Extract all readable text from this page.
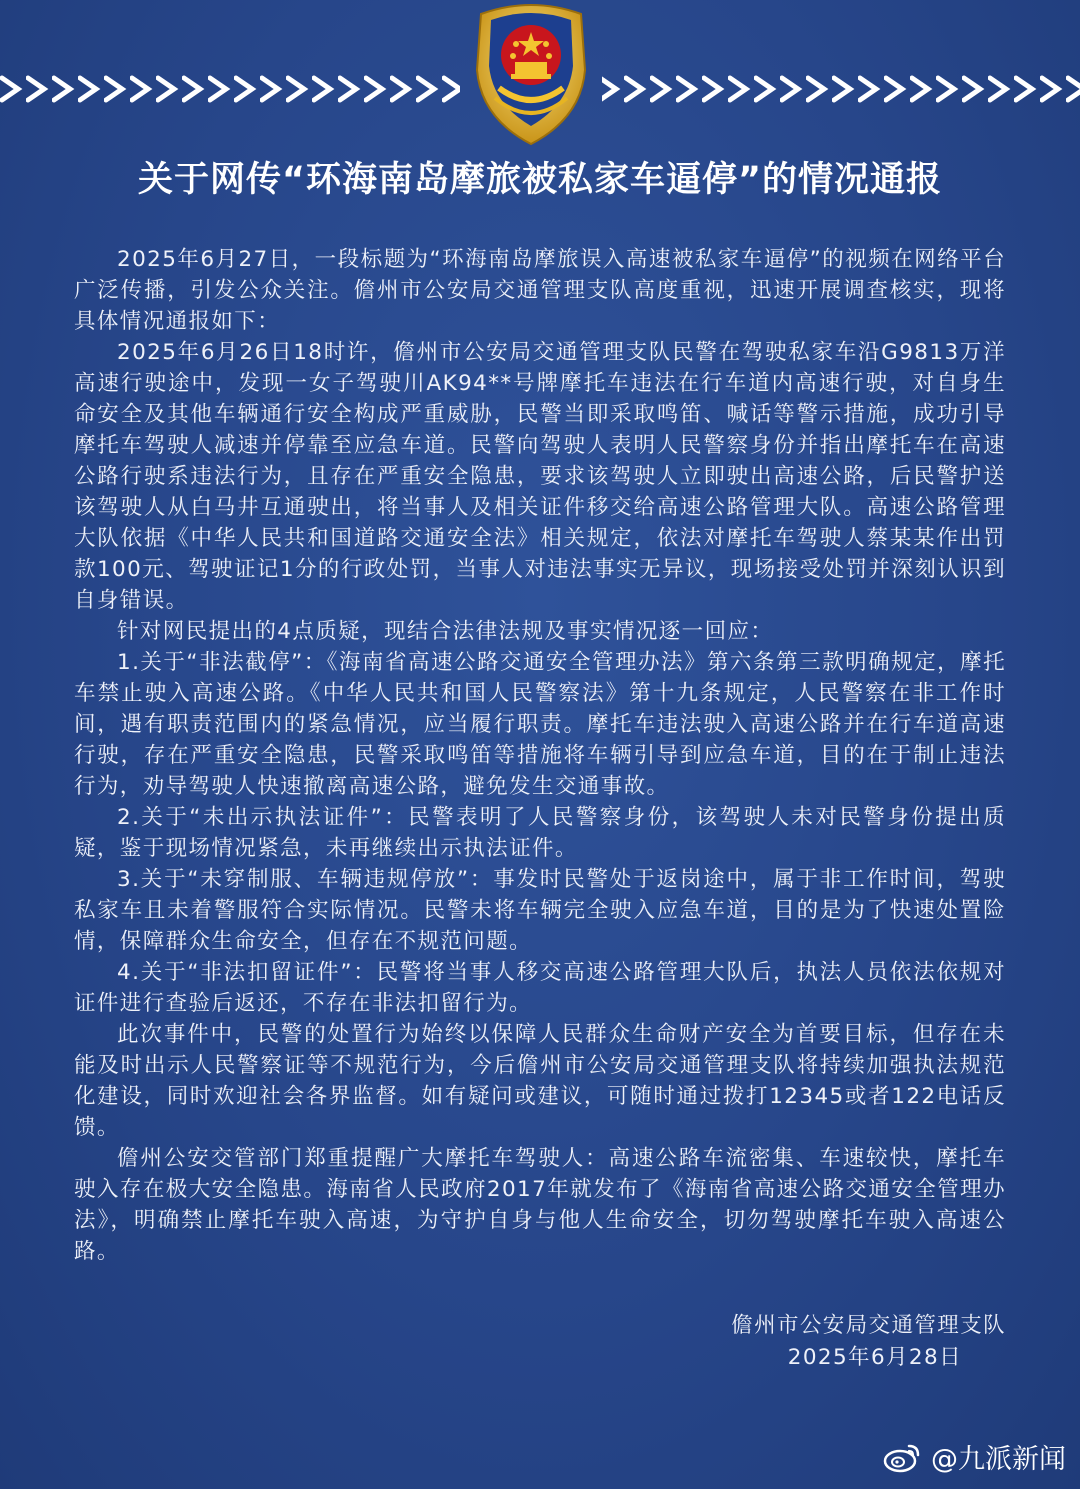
关于网传“环海南岛摩旅被私家车逼停”的情况通报

2025年6月27日，一段标题为“环海南岛摩旅误入高速被私家车逼停”的视频在网络平台广泛传播，引发公众关注。儋州市公安局交通管理支队高度重视，迅速开展调查核实，现将具体情况通报如下：

2025年6月26日18时许，儋州市公安局交通管理支队民警在驾驶私家车沿G9813万洋高速行驶途中，发现一女子驾驶川AK94**号牌摩托车违法在行车道内高速行驶，对自身生命安全及其他车辆通行安全构成严重威胁，民警当即采取鸣笛、喊话等警示措施，成功引导摩托车驾驶人减速并停靠至应急车道。民警向驾驶人表明人民警察身份并指出摩托车在高速公路行驶系违法行为，且存在严重安全隐患，要求该驾驶人立即驶出高速公路，后民警护送该驾驶人从白马井互通驶出，将当事人及相关证件移交给高速公路管理大队。高速公路管理大队依据《中华人民共和国道路交通安全法》相关规定，依法对摩托车驾驶人蔡某某作出罚款100元、驾驶证记1分的行政处罚，当事人对违法事实无异议，现场接受处罚并深刻认识到自身错误。

针对网民提出的4点质疑，现结合法律法规及事实情况逐一回应：

1.关于“非法截停”：《海南省高速公路交通安全管理办法》第六条第三款明确规定，摩托车禁止驶入高速公路。《中华人民共和国人民警察法》第十九条规定，人民警察在非工作时间，遇有职责范围内的紧急情况，应当履行职责。摩托车违法驶入高速公路并在行车道高速行驶，存在严重安全隐患，民警采取鸣笛等措施将车辆引导到应急车道，目的在于制止违法行为，劝导驾驶人快速撤离高速公路，避免发生交通事故。

2.关于“未出示执法证件”：民警表明了人民警察身份，该驾驶人未对民警身份提出质疑，鉴于现场情况紧急，未再继续出示执法证件。

3.关于“未穿制服、车辆违规停放”：事发时民警处于返岗途中，属于非工作时间，驾驶私家车且未着警服符合实际情况。民警未将车辆完全驶入应急车道，目的是为了快速处置险情，保障群众生命安全，但存在不规范问题。

4.关于“非法扣留证件”：民警将当事人移交高速公路管理大队后，执法人员依法依规对证件进行查验后返还，不存在非法扣留行为。

此次事件中，民警的处置行为始终以保障人民群众生命财产安全为首要目标，但存在未能及时出示人民警察证等不规范行为，今后儋州市公安局交通管理支队将持续加强执法规范化建设，同时欢迎社会各界监督。如有疑问或建议，可随时通过拨打12345或者122电话反馈。

儋州公安交管部门郑重提醒广大摩托车驾驶人：高速公路车流密集、车速较快，摩托车驶入存在极大安全隐患。海南省人民政府2017年就发布了《海南省高速公路交通安全管理办法》，明确禁止摩托车驶入高速，为守护自身与他人生命安全，切勿驾驶摩托车驶入高速公路。

儋州市公安局交通管理支队
2025年6月28日
@九派新闻
